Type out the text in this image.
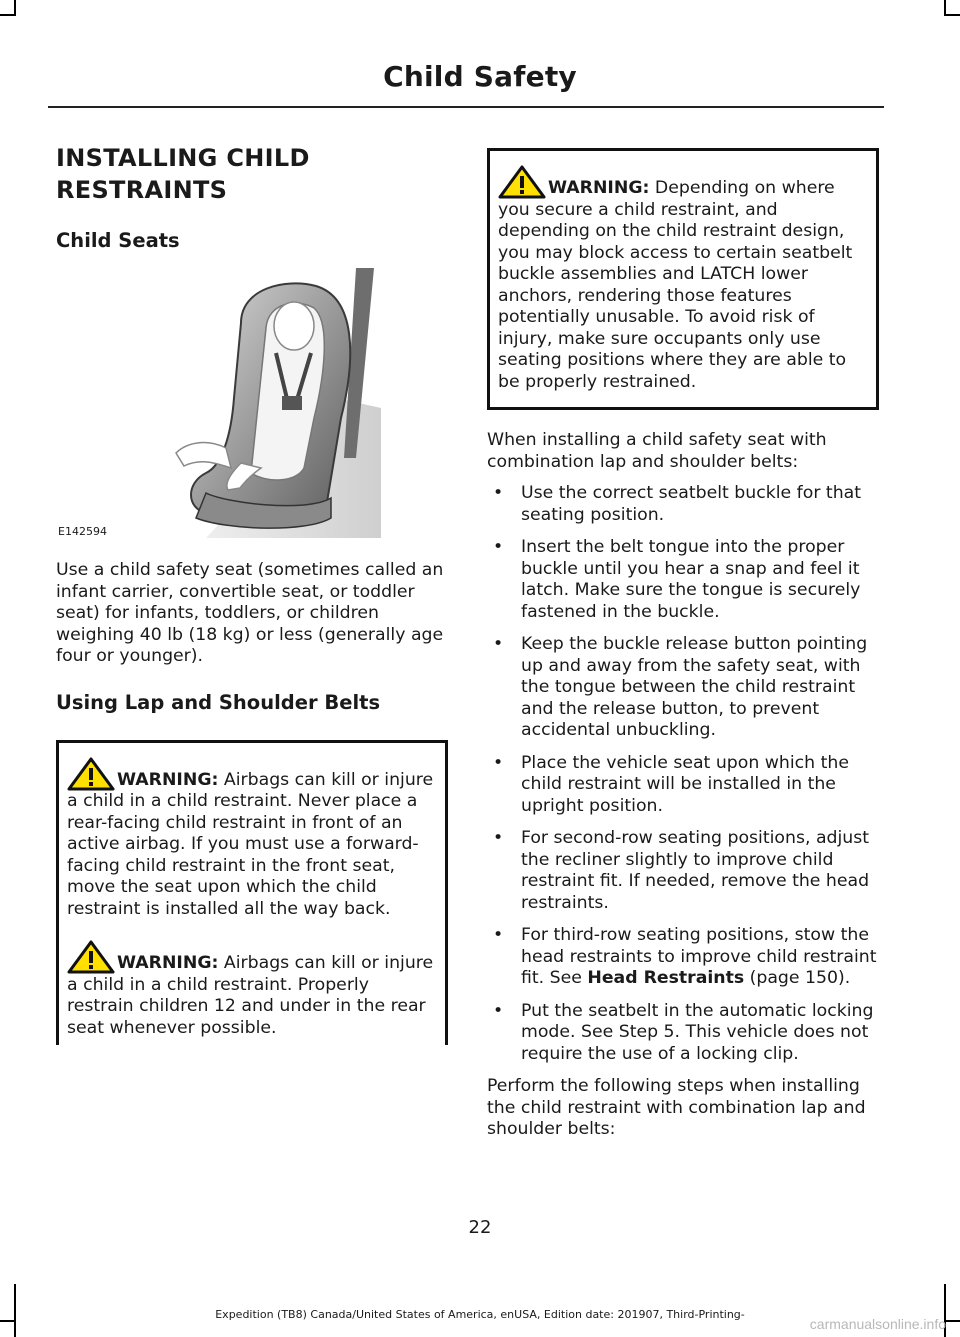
Child Safety

INSTALLING CHILD

RESTRAINTS

Child Seats

E142594

Use a child safety seat (sometimes called an infant carrier, convertible seat, or toddler seat) for infants, toddlers, or children weighing 40 lb (18 kg) or less (generally age four or younger).

Using Lap and Shoulder Belts

WARNING: Airbags can kill or injure a child in a child restraint. Never place a rear-facing child restraint in front of an active airbag. If you must use a forward-facing child restraint in the front seat, move the seat upon which the child restraint is installed all the way back.
WARNING: Airbags can kill or injure a child in a child restraint. Properly restrain children 12 and under in the rear seat whenever possible.
WARNING: Depending on where you secure a child restraint, and depending on the child restraint design, you may block access to certain seatbelt buckle assemblies and LATCH lower anchors, rendering those features potentially unusable. To avoid risk of injury, make sure occupants only use seating positions where they are able to be properly restrained.

When installing a child safety seat with combination lap and shoulder belts:

• Use the correct seatbelt buckle for that seating position.
• Insert the belt tongue into the proper buckle until you hear a snap and feel it latch. Make sure the tongue is securely fastened in the buckle.
• Keep the buckle release button pointing up and away from the safety seat, with the tongue between the child restraint and the release button, to prevent accidental unbuckling.
• Place the vehicle seat upon which the child restraint will be installed in the upright position.
• For second-row seating positions, adjust the recliner slightly to improve child restraint fit. If needed, remove the head restraints.
• For third-row seating positions, stow the head restraints to improve child restraint fit. See Head Restraints (page 150).
• Put the seatbelt in the automatic locking mode. See Step 5. This vehicle does not require the use of a locking clip.

Perform the following steps when installing the child restraint with combination lap and shoulder belts:

22
Expedition (TB8) Canada/United States of America, enUSA, Edition date: 201907, Third-Printing-
carmanualsonline.info
